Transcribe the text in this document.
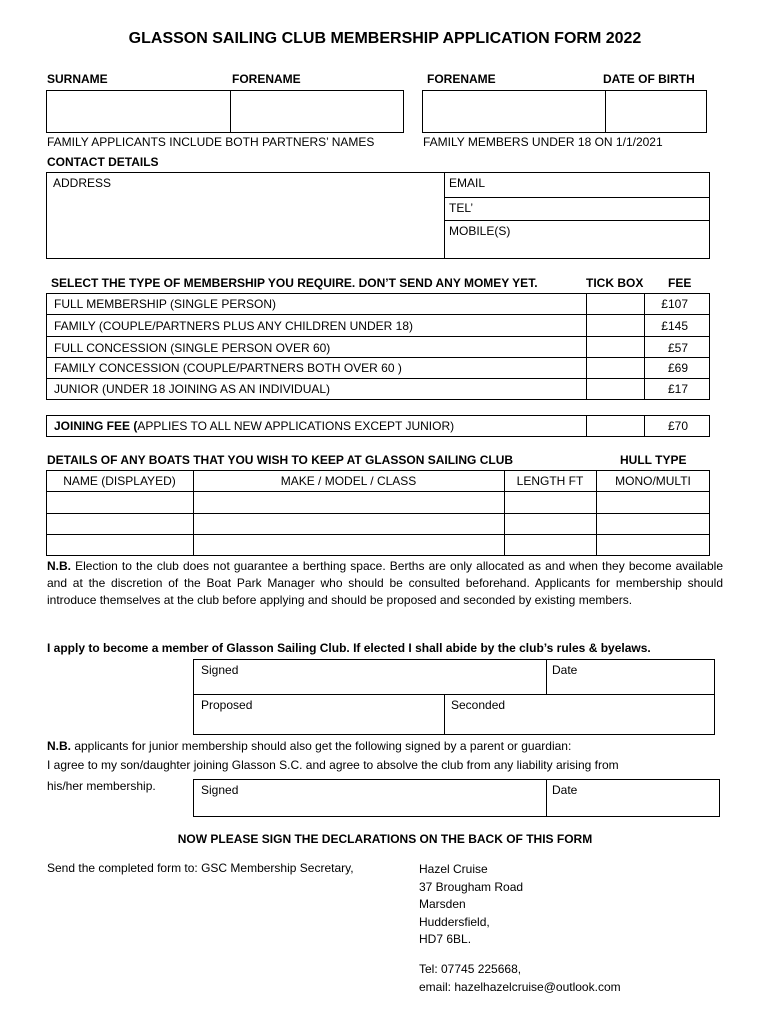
GLASSON SAILING CLUB MEMBERSHIP APPLICATION FORM 2022
SURNAME	FORENAME	FORENAME	DATE OF BIRTH
FAMILY APPLICANTS INCLUDE BOTH PARTNERS’ NAMES	FAMILY MEMBERS UNDER 18 ON 1/1/2021
CONTACT DETAILS
ADDRESS	EMAIL
TEL’
MOBILE(S)
SELECT THE TYPE OF MEMBERSHIP YOU REQUIRE. DON’T SEND ANY MOMEY YET.	TICK BOX FEE
FULL MEMBERSHIP (SINGLE PERSON)	£107
FAMILY (COUPLE/PARTNERS PLUS ANY CHILDREN UNDER 18)	£145
FULL CONCESSION (SINGLE PERSON OVER 60)	£57
FAMILY CONCESSION (COUPLE/PARTNERS BOTH OVER 60 )	£69
JUNIOR (UNDER 18 JOINING AS AN INDIVIDUAL)	£17
JOINING FEE (APPLIES TO ALL NEW APPLICATIONS EXCEPT JUNIOR)	£70
DETAILS OF ANY BOATS THAT YOU WISH TO KEEP AT GLASSON SAILING CLUB	HULL TYPE
NAME (DISPLAYED)	MAKE / MODEL / CLASS	LENGTH FT	MONO/MULTI
N.B. Election to the club does not guarantee a berthing space. Berths are only allocated as and when they become available and at the discretion of the Boat Park Manager who should be consulted beforehand. Applicants for membership should introduce themselves at the club before applying and should be proposed and seconded by existing members.
I apply to become a member of Glasson Sailing Club. If elected I shall abide by the club’s rules & byelaws.
Signed	Date
Proposed	Seconded
N.B. applicants for junior membership should also get the following signed by a parent or guardian:
I agree to my son/daughter joining Glasson S.C. and agree to absolve the club from any liability arising from
his/her membership.	Signed	Date
NOW PLEASE SIGN THE DECLARATIONS ON THE BACK OF THIS FORM
Send the completed form to: GSC Membership Secretary,	Hazel Cruise
37 Brougham Road
Marsden
Huddersfield,
HD7 6BL.
Tel: 07745 225668,
email: hazelhazelcruise@outlook.com
